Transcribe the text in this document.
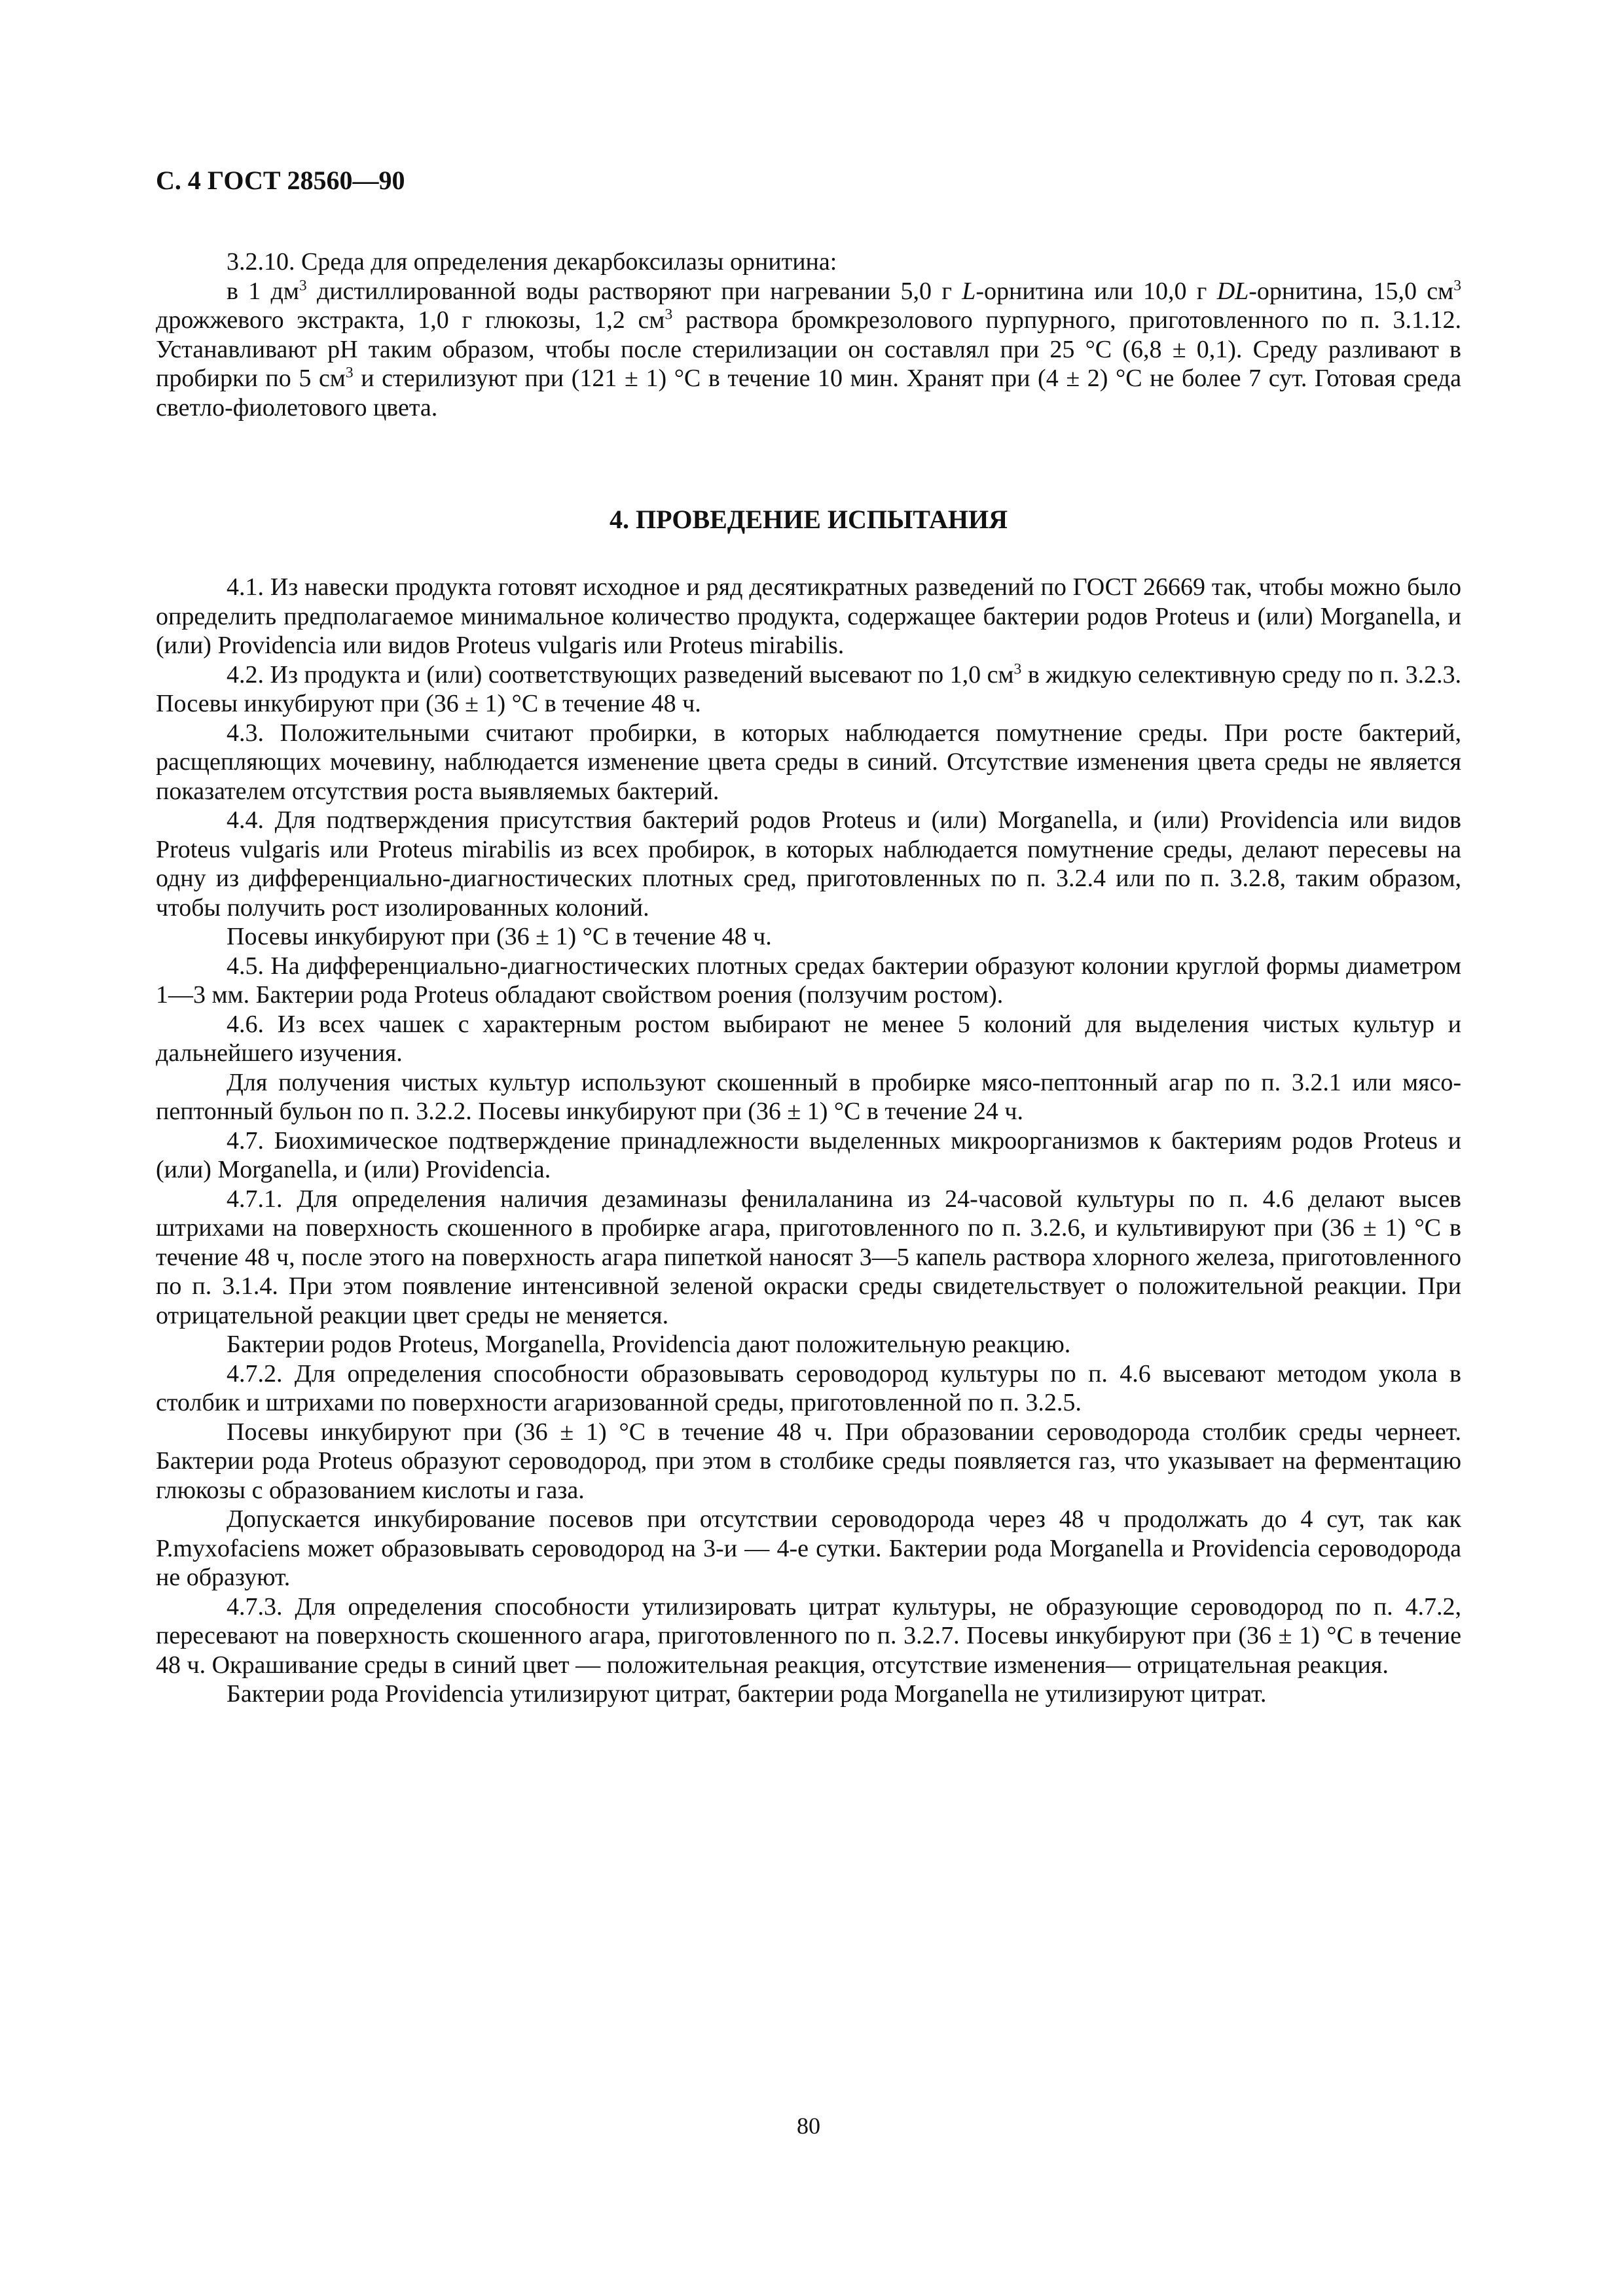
С. 4 ГОСТ 28560—90

3.2.10. Среда для определения декарбоксилазы орнитина:

в 1 $дм^3$ дистиллированной воды растворяют при нагревании 5,0 г L-орнитина или 10,0 г DL-орнитина, 15,0 $см^3$ дрожжевого экстракта, 1,0 г глюкозы, 1,2 $см^3$ раствора бромкрезолового пурпурного, приготовленного по п. 3.1.12. Устанавливают рН таким образом, чтобы после стерилизации он составлял при 25 °С (6,8 ± 0,1). Среду разливают в пробирки по 5 $см^3$ и стерилизуют при (121 ± 1) °С в течение 10 мин. Хранят при (4 ± 2) °С не более 7 сут. Готовая среда светло-фиолетового цвета.

4. ПРОВЕДЕНИЕ ИСПЫТАНИЯ

4.1. Из навески продукта готовят исходное и ряд десятикратных разведений по ГОСТ 26669 так, чтобы можно было определить предполагаемое минимальное количество продукта, содержащее бактерии родов Proteus и (или) Morganella, и (или) Providencia или видов Proteus vulgaris или Proteus mirabilis.

4.2. Из продукта и (или) соответствующих разведений высевают по 1,0 $см^3$ в жидкую селективную среду по п. 3.2.3. Посевы инкубируют при (36 ± 1) °С в течение 48 ч.

4.3. Положительными считают пробирки, в которых наблюдается помутнение среды. При росте бактерий, расщепляющих мочевину, наблюдается изменение цвета среды в синий. Отсутствие изменения цвета среды не является показателем отсутствия роста выявляемых бактерий.

4.4. Для подтверждения присутствия бактерий родов Proteus и (или) Morganella, и (или) Providencia или видов Proteus vulgaris или Proteus mirabilis из всех пробирок, в которых наблюдается помутнение среды, делают пересевы на одну из дифференциально-диагностических плотных сред, приготовленных по п. 3.2.4 или по п. 3.2.8, таким образом, чтобы получить рост изолированных колоний.

Посевы инкубируют при (36 ± 1) °С в течение 48 ч.

4.5. На дифференциально-диагностических плотных средах бактерии образуют колонии круглой формы диаметром 1—3 мм. Бактерии рода Proteus обладают свойством роения (ползучим ростом).

4.6. Из всех чашек с характерным ростом выбирают не менее 5 колоний для выделения чистых культур и дальнейшего изучения.

Для получения чистых культур используют скошенный в пробирке мясо-пептонный агар по п. 3.2.1 или мясо-пептонный бульон по п. 3.2.2. Посевы инкубируют при (36 ± 1) °С в течение 24 ч.

4.7. Биохимическое подтверждение принадлежности выделенных микроорганизмов к бактериям родов Proteus и (или) Morganella, и (или) Providencia.

4.7.1. Для определения наличия дезаминазы фенилаланина из 24-часовой культуры по п. 4.6 делают высев штрихами на поверхность скошенного в пробирке агара, приготовленного по п. 3.2.6, и культивируют при (36 ± 1) °С в течение 48 ч, после этого на поверхность агара пипеткой наносят 3—5 капель раствора хлорного железа, приготовленного по п. 3.1.4. При этом появление интенсивной зеленой окраски среды свидетельствует о положительной реакции. При отрицательной реакции цвет среды не меняется.

Бактерии родов Proteus, Morganella, Providencia дают положительную реакцию.

4.7.2. Для определения способности образовывать сероводород культуры по п. 4.6 высевают методом укола в столбик и штрихами по поверхности агаризованной среды, приготовленной по п. 3.2.5.

Посевы инкубируют при (36 ± 1) °С в течение 48 ч. При образовании сероводорода столбик среды чернеет. Бактерии рода Proteus образуют сероводород, при этом в столбике среды появляется газ, что указывает на ферментацию глюкозы с образованием кислоты и газа.

Допускается инкубирование посевов при отсутствии сероводорода через 48 ч продолжать до 4 сут, так как P.myxofaciens может образовывать сероводород на 3-и — 4-е сутки. Бактерии рода Morganella и Providencia сероводорода не образуют.

4.7.3. Для определения способности утилизировать цитрат культуры, не образующие сероводород по п. 4.7.2, пересевают на поверхность скошенного агара, приготовленного по п. 3.2.7. Посевы инкубируют при (36 ± 1) °С в течение 48 ч. Окрашивание среды в синий цвет — положительная реакция, отсутствие изменения— отрицательная реакция.

Бактерии рода Providencia утилизируют цитрат, бактерии рода Morganella не утилизируют цитрат.

80
